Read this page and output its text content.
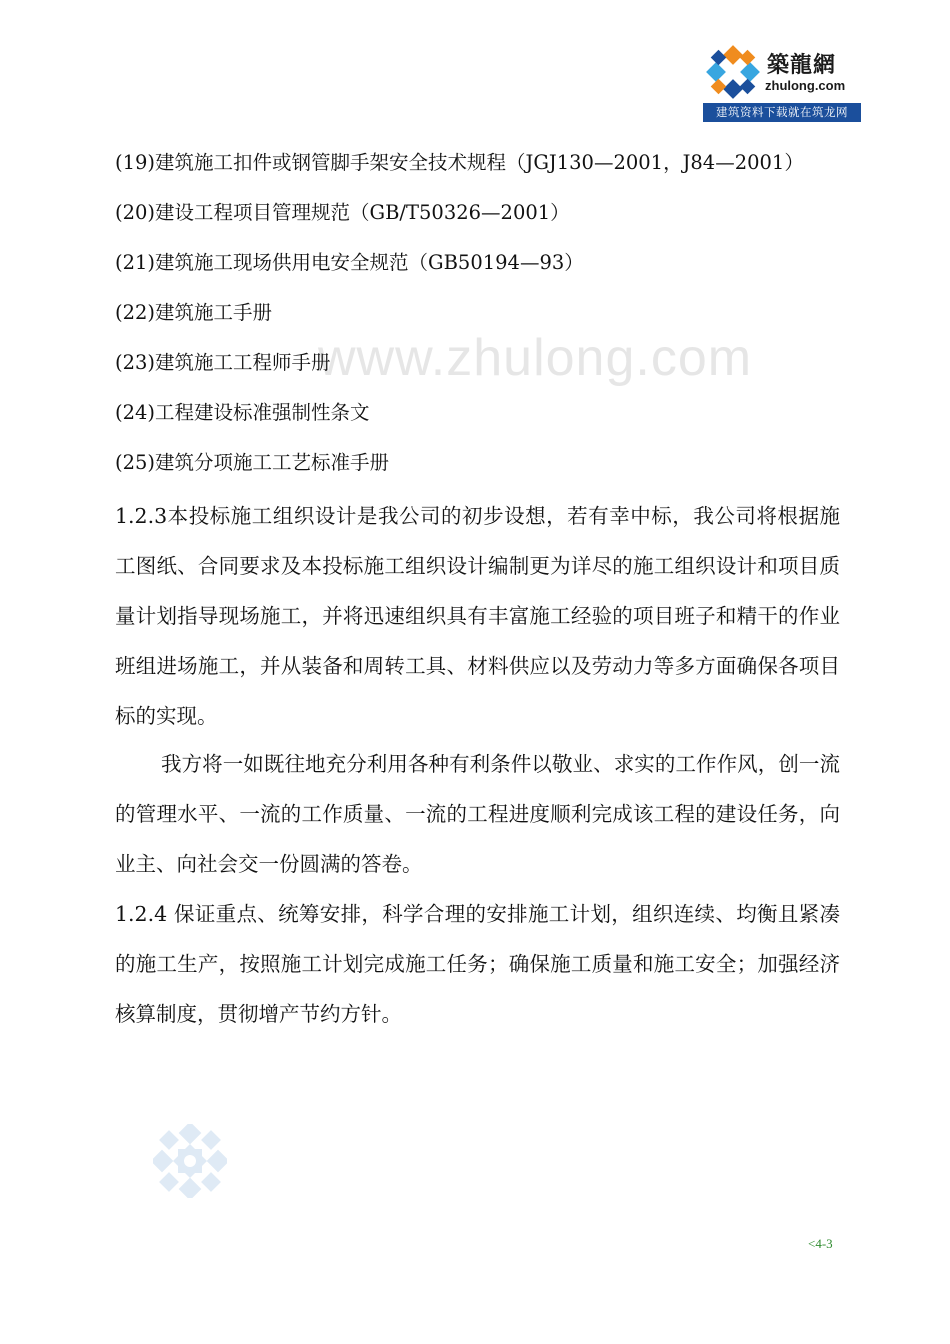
築龍網
zhulong.com
建筑资料下载就在筑龙网
www.zhulong.com
(19)建筑施工扣件或钢管脚手架安全技术规程（JGJ130—2001，J84—2001）
(20)建设工程项目管理规范（GB/T50326—2001）
(21)建筑施工现场供用电安全规范（GB50194—93）
(22)建筑施工手册
(23)建筑施工工程师手册
(24)工程建设标准强制性条文
(25)建筑分项施工工艺标准手册

1.2.3本投标施工组织设计是我公司的初步设想，若有幸中标，我公司将根据施工图纸、合同要求及本投标施工组织设计编制更为详尽的施工组织设计和项目质量计划指导现场施工，并将迅速组织具有丰富施工经验的项目班子和精干的作业班组进场施工，并从装备和周转工具、材料供应以及劳动力等多方面确保各项目标的实现。

我方将一如既往地充分利用各种有利条件以敬业、求实的工作作风，创一流的管理水平、一流的工作质量、一流的工程进度顺利完成该工程的建设任务，向业主、向社会交一份圆满的答卷。

1.2.4 保证重点、统筹安排，科学合理的安排施工计划，组织连续、均衡且紧凑的施工生产，按照施工计划完成施工任务；确保施工质量和施工安全；加强经济核算制度，贯彻增产节约方针。

<4-3
